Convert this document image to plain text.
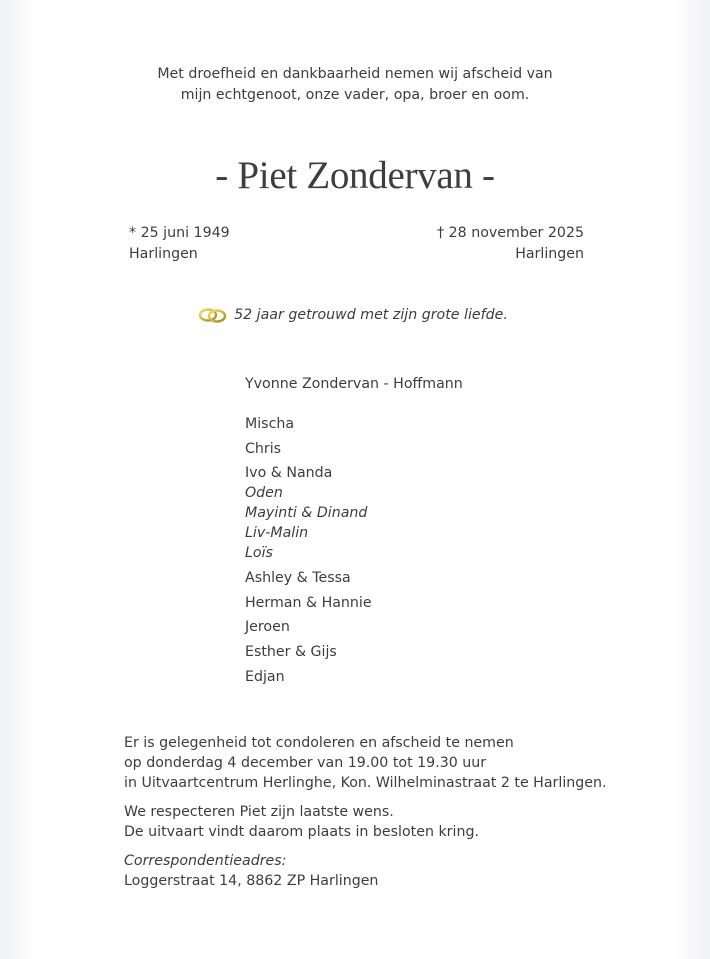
Met droefheid en dankbaarheid nemen wij afscheid van
mijn echtgenoot, onze vader, opa, broer en oom.
- Piet Zondervan -
* 25 juni 1949
Harlingen
† 28 november 2025
Harlingen
52 jaar getrouwd met zijn grote liefde.
Yvonne Zondervan - Hoffmann
Mischa
Chris
Ivo & Nanda
Oden
Mayinti & Dinand
Liv-Malin
Loïs
Ashley & Tessa
Herman & Hannie
Jeroen
Esther & Gijs
Edjan

Er is gelegenheid tot condoleren en afscheid te nemen
op donderdag 4 december van 19.00 tot 19.30 uur
in Uitvaartcentrum Herlinghe, Kon. Wilhelminastraat 2 te Harlingen.

We respecteren Piet zijn laatste wens.
De uitvaart vindt daarom plaats in besloten kring.

Correspondentieadres:

Loggerstraat 14, 8862 ZP Harlingen
